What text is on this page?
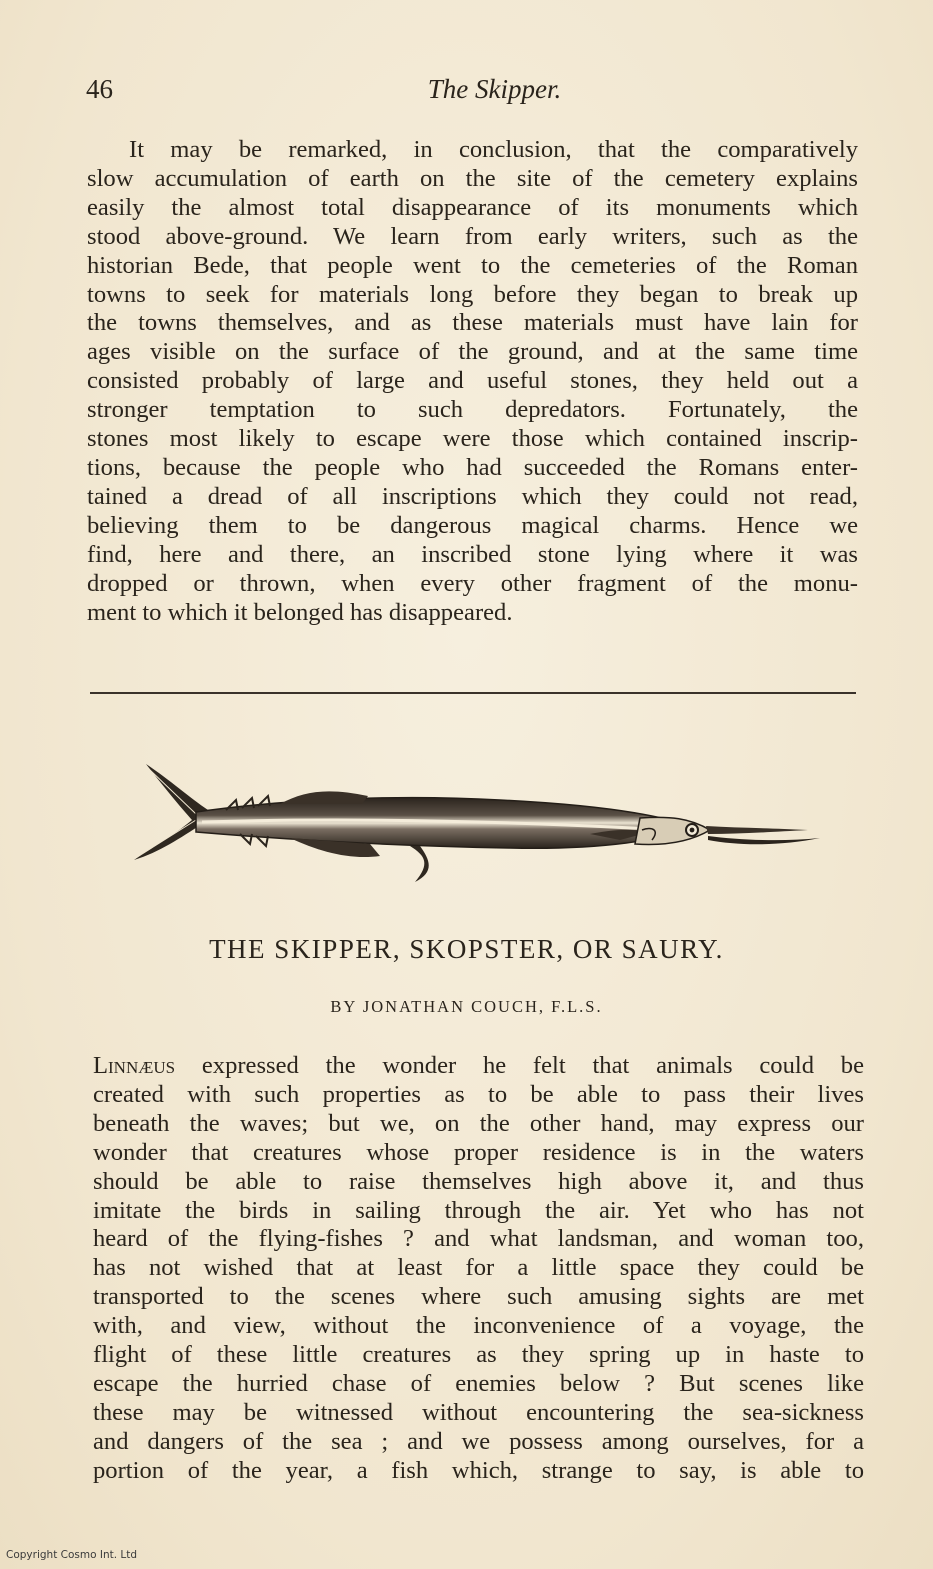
46	The Skipper.
It may be remarked, in conclusion, that the comparatively
slow accumulation of earth on the site of the cemetery explains
easily the almost total disappearance of its monuments which
stood above-ground. We learn from early writers, such as the
historian Bede, that people went to the cemeteries of the Roman
towns to seek for materials long before they began to break up
the towns themselves, and as these materials must have lain for
ages visible on the surface of the ground, and at the same time
consisted probably of large and useful stones, they held out a
stronger temptation to such depredators. Fortunately, the
stones most likely to escape were those which contained inscrip-
tions, because the people who had succeeded the Romans enter-
tained a dread of all inscriptions which they could not read,
believing them to be dangerous magical charms. Hence we
find, here and there, an inscribed stone lying where it was
dropped or thrown, when every other fragment of the monu-
ment to which it belonged has disappeared.
THE SKIPPER, SKOPSTER, OR SAURY.
BY JONATHAN COUCH, F.L.S.
Linnæus expressed the wonder he felt that animals could be
created with such properties as to be able to pass their lives
beneath the waves; but we, on the other hand, may express our
wonder that creatures whose proper residence is in the waters
should be able to raise themselves high above it, and thus
imitate the birds in sailing through the air. Yet who has not
heard of the flying-fishes ? and what landsman, and woman too,
has not wished that at least for a little space they could be
transported to the scenes where such amusing sights are met
with, and view, without the inconvenience of a voyage, the
flight of these little creatures as they spring up in haste to
escape the hurried chase of enemies below ? But scenes like
these may be witnessed without encountering the sea-sickness
and dangers of the sea ; and we possess among ourselves, for a
portion of the year, a fish which, strange to say, is able to
Copyright Cosmo Int. Ltd
